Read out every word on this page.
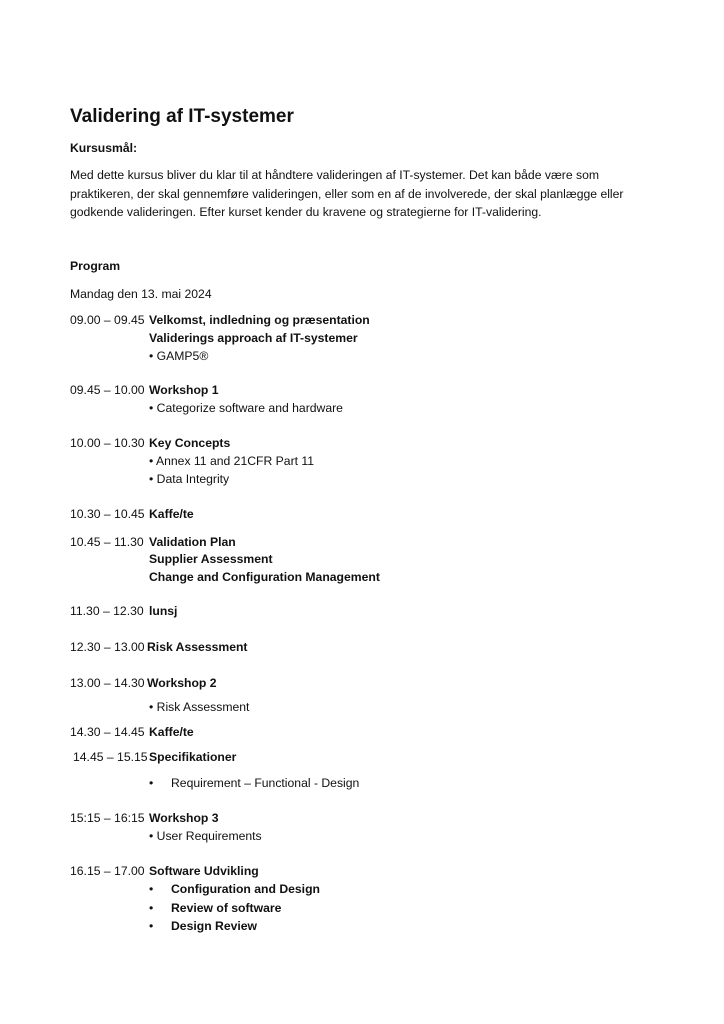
Validering af IT-systemer
Kursusmål:
Med dette kursus bliver du klar til at håndtere valideringen af IT-systemer. Det kan både være som
praktikeren, der skal gennemføre valideringen, eller som en af de involverede, der skal planlægge eller
godkende valideringen. Efter kurset kender du kravene og strategierne for IT-validering.
Program
Mandag den 13. mai 2024
09.00 – 09.45 Velkomst, indledning og præsentation
Validerings approach af IT-systemer
• GAMP5®
09.45 – 10.00 Workshop 1
• Categorize software and hardware
10.00 – 10.30 Key Concepts
• Annex 11 and 21CFR Part 11
• Data Integrity
10.30 – 10.45 Kaffe/te
10.45 – 11.30 Validation Plan
Supplier Assessment
Change and Configuration Management
11.30 – 12.30 lunsj
12.30 – 13.00 Risk Assessment
13.00 – 14.30 Workshop 2
• Risk Assessment
14.30 – 14.45 Kaffe/te
14.45 – 15.15 Specifikationer
• Requirement – Functional - Design
15:15 – 16:15 Workshop 3
• User Requirements
16.15 – 17.00 Software Udvikling
• Configuration and Design
• Review of software
• Design Review
